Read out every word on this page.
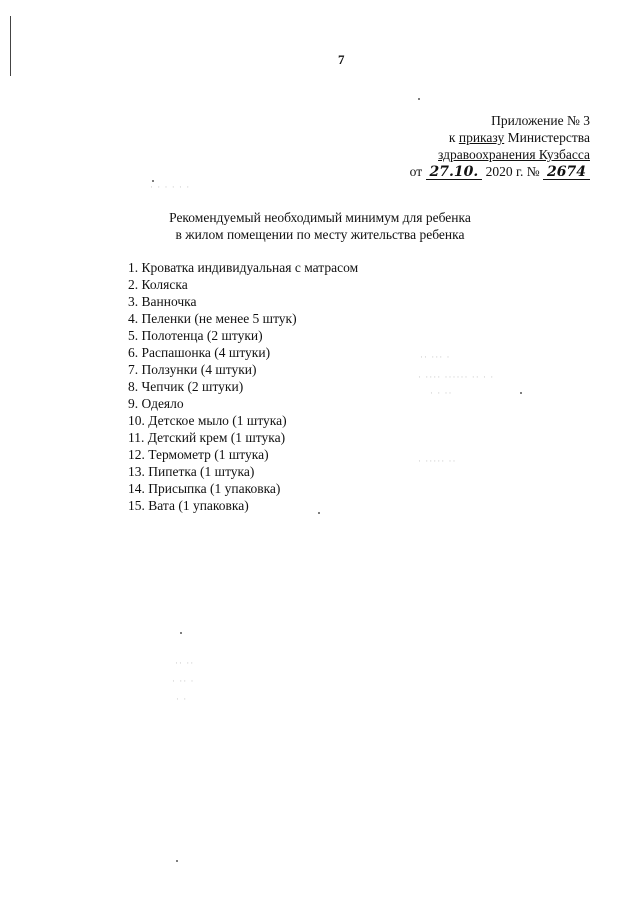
7
Приложение № 3
к приказу Министерства
здравоохранения Кузбасса
от 27.10. 2020 г. № 2674
Рекомендуемый необходимый минимум для ребенка
в жилом помещении по месту жительства ребенка
1. Кроватка индивидуальная с матрасом
2. Коляска
3. Ванночка
4. Пеленки (не менее 5 штук)
5. Полотенца (2 штуки)
6. Распашонка (4 штуки)
7. Ползунки (4 штуки)
8. Чепчик (2 штуки)
9. Одеяло
10. Детское мыло (1 штука)
11. Детский крем (1 штука)
12. Термометр (1 штука)
13. Пипетка (1 штука)
14. Присыпка (1 упаковка)
15. Вата (1 упаковка)
· · · · · ·
·· ··· ·
· ···· ······ ·· · ·
· · ··
· ····· ··
·· ··
· ·· ·
· ·
